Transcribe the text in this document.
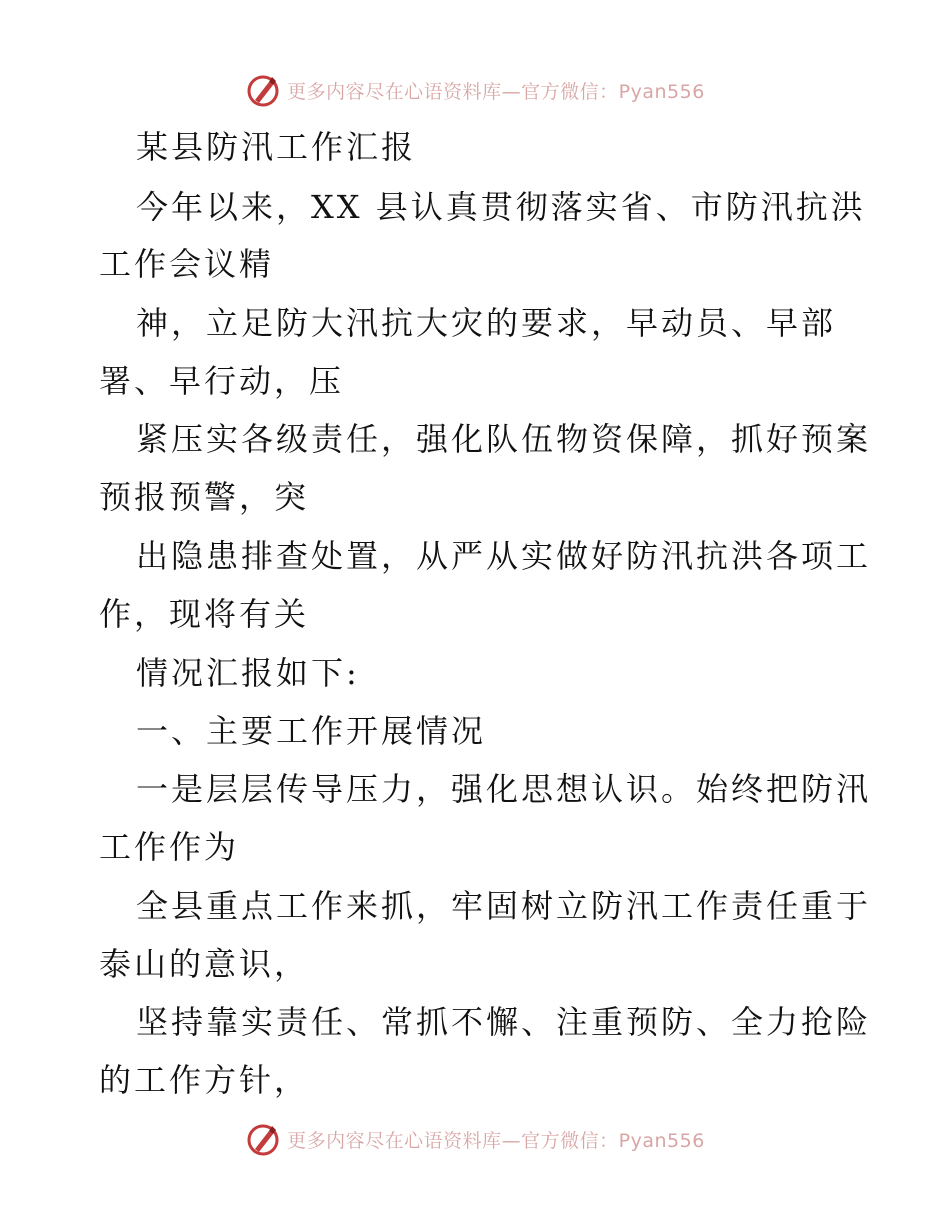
更多内容尽在心语资料库—官方微信：Pyan556
某县防汛工作汇报
今年以来，XX 县认真贯彻落实省、市防汛抗洪
工作会议精
神，立足防大汛抗大灾的要求，早动员、早部
署、早行动，压
紧压实各级责任，强化队伍物资保障，抓好预案
预报预警，突
出隐患排查处置，从严从实做好防汛抗洪各项工
作，现将有关
情况汇报如下:
一、主要工作开展情况
一是层层传导压力，强化思想认识。始终把防汛
工作作为
全县重点工作来抓，牢固树立防汛工作责任重于
泰山的意识，
坚持靠实责任、常抓不懈、注重预防、全力抢险
的工作方针，
更多内容尽在心语资料库—官方微信：Pyan556
